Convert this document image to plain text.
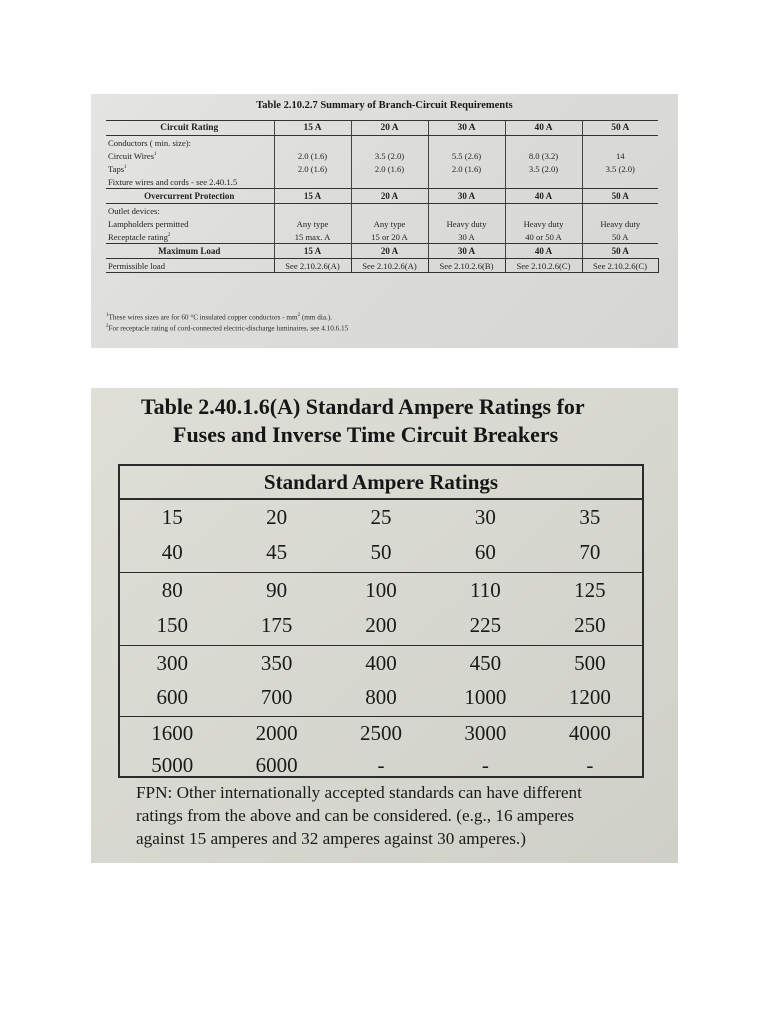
Table 2.10.2.7 Summary of Branch-Circuit Requirements
Circuit Rating	15 A	20 A	30 A	40 A	50 A
Conductors ( min. size):					
Circuit Wires$^1$	2.0 (1.6)	3.5 (2.0)	5.5 (2.6)	8.0 (3.2)	14
Taps$^1$	2.0 (1.6)	2.0 (1.6)	2.0 (1.6)	3.5 (2.0)	3.5 (2.0)
Fixture wires and cords - see 2.40.1.5					
Overcurrent Protection	15 A	20 A	30 A	40 A	50 A
Outlet devices:					
Lampholders permitted	Any type	Any type	Heavy duty	Heavy duty	Heavy duty
Receptacle rating$^2$	15 max. A	15 or 20 A	30 A	40 or 50 A	50 A
Maximum Load	15 A	20 A	30 A	40 A	50 A
Permissible load	See 2.10.2.6(A)	See 2.10.2.6(A)	See 2.10.2.6(B)	See 2.10.2.6(C)	See 2.10.2.6(C)
$^1$These wires sizes are for 60 °C insulated copper conductors - $mm^2$ (mm dia.).
$^2$For receptacle rating of cord-connected electric-discharge luminaires, see 4.10.6.15
Table 2.40.1.6(A) Standard Ampere Ratings for
Fuses and Inverse Time Circuit Breakers
Standard Ampere Ratings
15	20	25	30	35
40	45	50	60	70
80	90	100	110	125
150	175	200	225	250
300	350	400	450	500
600	700	800	1000	1200
1600	2000	2500	3000	4000
5000	6000	-	-	-
FPN: Other internationally accepted standards can have different
ratings from the above and can be considered. (e.g., 16 amperes
against 15 amperes and 32 amperes against 30 amperes.)
